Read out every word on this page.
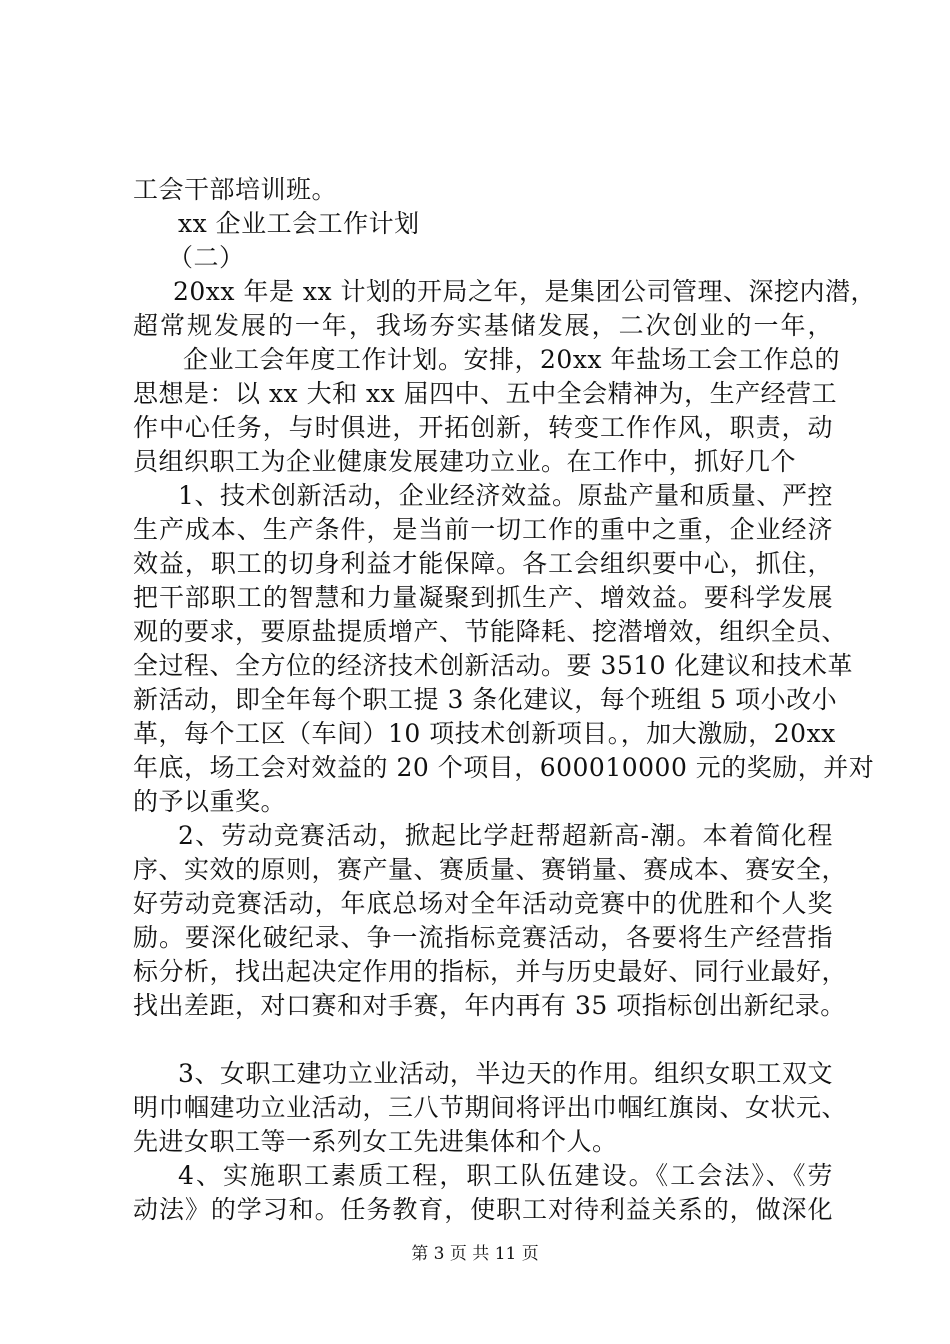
工会干部培训班。
xx 企业工会工作计划
（二）
20xx 年是 xx 计划的开局之年，是集团公司管理、深挖内潜，
超常规发展的一年，我场夯实基储发展，二次创业的一年，
企业工会年度工作计划。安排，20xx 年盐场工会工作总的
思想是：以 xx 大和 xx 届四中、五中全会精神为，生产经营工
作中心任务，与时俱进，开拓创新，转变工作作风，职责，动
员组织职工为企业健康发展建功立业。在工作中，抓好几个
1、技术创新活动，企业经济效益。原盐产量和质量、严控
生产成本、生产条件，是当前一切工作的重中之重，企业经济
效益，职工的切身利益才能保障。各工会组织要中心，抓住，
把干部职工的智慧和力量凝聚到抓生产、增效益。要科学发展
观的要求，要原盐提质增产、节能降耗、挖潜增效，组织全员、
全过程、全方位的经济技术创新活动。要 3510 化建议和技术革
新活动，即全年每个职工提 3 条化建议，每个班组 5 项小改小
革，每个工区（车间）10 项技术创新项目。，加大激励，20xx
年底，场工会对效益的 20 个项目，600010000 元的奖励，并对
的予以重奖。
2、劳动竞赛活动，掀起比学赶帮超新高-潮。本着简化程
序、实效的原则，赛产量、赛质量、赛销量、赛成本、赛安全，
好劳动竞赛活动，年底总场对全年活动竞赛中的优胜和个人奖
励。要深化破纪录、争一流指标竞赛活动，各要将生产经营指
标分析，找出起决定作用的指标，并与历史最好、同行业最好，
找出差距，对口赛和对手赛，年内再有 35 项指标创出新纪录。
3、女职工建功立业活动，半边天的作用。组织女职工双文
明巾帼建功立业活动，三八节期间将评出巾帼红旗岗、女状元、
先进女职工等一系列女工先进集体和个人。
4、实施职工素质工程，职工队伍建设。《工会法》、《劳
动法》的学习和。任务教育，使职工对待利益关系的，做深化
第 3 页 共 11 页
